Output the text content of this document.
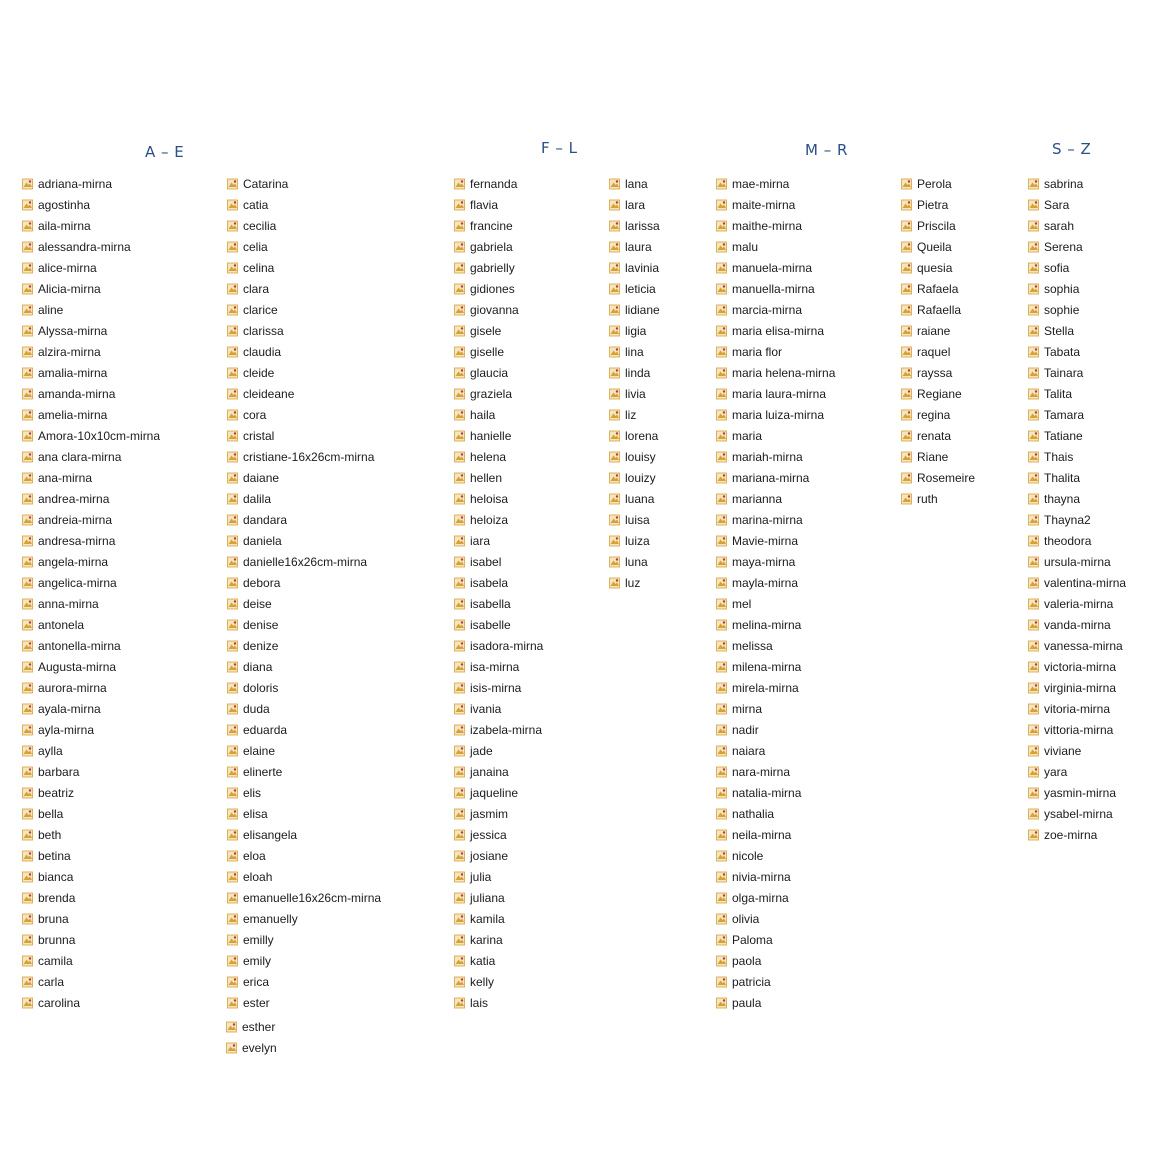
A – E	F – L	M – R	S – Z
adriana-mirna
agostinha
aila-mirna
alessandra-mirna
alice-mirna
Alicia-mirna
aline
Alyssa-mirna
alzira-mirna
amalia-mirna
amanda-mirna
amelia-mirna
Amora-10x10cm-mirna
ana clara-mirna
ana-mirna
andrea-mirna
andreia-mirna
andresa-mirna
angela-mirna
angelica-mirna
anna-mirna
antonela
antonella-mirna
Augusta-mirna
aurora-mirna
ayala-mirna
ayla-mirna
aylla
barbara
beatriz
bella
beth
betina
bianca
brenda
bruna
brunna
camila
carla
carolina
Catarina
catia
cecilia
celia
celina
clara
clarice
clarissa
claudia
cleide
cleideane
cora
cristal
cristiane-16x26cm-mirna
daiane
dalila
dandara
daniela
danielle16x26cm-mirna
debora
deise
denise
denize
diana
doloris
duda
eduarda
elaine
elinerte
elis
elisa
elisangela
eloa
eloah
emanuelle16x26cm-mirna
emanuelly
emilly
emily
erica
ester
esther
evelyn
fernanda
flavia
francine
gabriela
gabrielly
gidiones
giovanna
gisele
giselle
glaucia
graziela
haila
hanielle
helena
hellen
heloisa
heloiza
iara
isabel
isabela
isabella
isabelle
isadora-mirna
isa-mirna
isis-mirna
ivania
izabela-mirna
jade
janaina
jaqueline
jasmim
jessica
josiane
julia
juliana
kamila
karina
katia
kelly
lais
lana
lara
larissa
laura
lavinia
leticia
lidiane
ligia
lina
linda
livia
liz
lorena
louisy
louizy
luana
luisa
luiza
luna
luz
mae-mirna
maite-mirna
maithe-mirna
malu
manuela-mirna
manuella-mirna
marcia-mirna
maria elisa-mirna
maria flor
maria helena-mirna
maria laura-mirna
maria luiza-mirna
maria
mariah-mirna
mariana-mirna
marianna
marina-mirna
Mavie-mirna
maya-mirna
mayla-mirna
mel
melina-mirna
melissa
milena-mirna
mirela-mirna
mirna
nadir
naiara
nara-mirna
natalia-mirna
nathalia
neila-mirna
nicole
nivia-mirna
olga-mirna
olivia
Paloma
paola
patricia
paula
Perola
Pietra
Priscila
Queila
quesia
Rafaela
Rafaella
raiane
raquel
rayssa
Regiane
regina
renata
Riane
Rosemeire
ruth
sabrina
Sara
sarah
Serena
sofia
sophia
sophie
Stella
Tabata
Tainara
Talita
Tamara
Tatiane
Thais
Thalita
thayna
Thayna2
theodora
ursula-mirna
valentina-mirna
valeria-mirna
vanda-mirna
vanessa-mirna
victoria-mirna
virginia-mirna
vitoria-mirna
vittoria-mirna
viviane
yara
yasmin-mirna
ysabel-mirna
zoe-mirna
